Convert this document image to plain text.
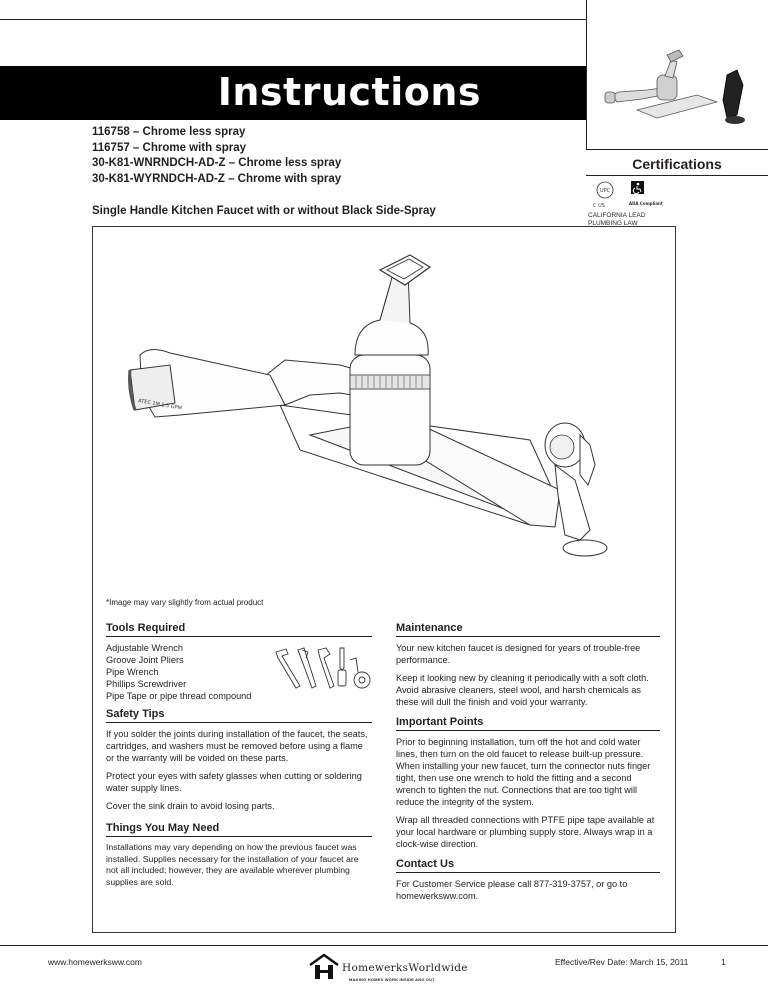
Instructions
116758 – Chrome less spray
116757 – Chrome with spray
30-K81-WNRNDCH-AD-Z – Chrome less spray
30-K81-WYRNDCH-AD-Z – Chrome with spray
Single Handle Kitchen Faucet with or without Black Side-Spray
Certifications
UPC
C US	ADA Compliant
CALIFORNIA LEAD PLUMBING LAW
ATEC 1M 1.5 GPM
*Image may vary slightly from actual product
Tools Required
Adjustable Wrench
Groove Joint Pliers
Pipe Wrench
Phillips Screwdriver
Pipe Tape or pipe thread compound
Safety Tips

If you solder the joints during installation of the faucet, the seats, cartridges, and washers must be removed before using a flame or the warranty will be voided on these parts.

Protect your eyes with safety glasses when cutting or soldering water supply lines.

Cover the sink drain to avoid losing parts.

Things You May Need

Installations may vary depending on how the previous faucet was installed. Supplies necessary for the installation of your faucet are not all included; however, they are available wherever plumbing supplies are sold.

Maintenance

Your new kitchen faucet is designed for years of trouble-free performance.

Keep it looking new by cleaning it periodically with a soft cloth. Avoid abrasive cleaners, steel wool, and harsh chemicals as these will dull the finish and void your warranty.

Important Points

Prior to beginning installation, turn off the hot and cold water lines, then turn on the old faucet to release built-up pressure. When installing your new faucet, turn the connector nuts finger tight, then use one wrench to hold the fitting and a second wrench to tighten the nut. Connections that are too tight will reduce the integrity of the system.

Wrap all threaded connections with PTFE pipe tape available at your local hardware or plumbing supply store. Always wrap in a clock-wise direction.

Contact Us

For Customer Service please call 877-319-3757, or go to homewerksww.com.

www.homewerksww.com	HomewerksWorldwide
MAKING HOMES WORK INSIDE AND OUT
Effective/Rev Date: March 15, 2011	1
